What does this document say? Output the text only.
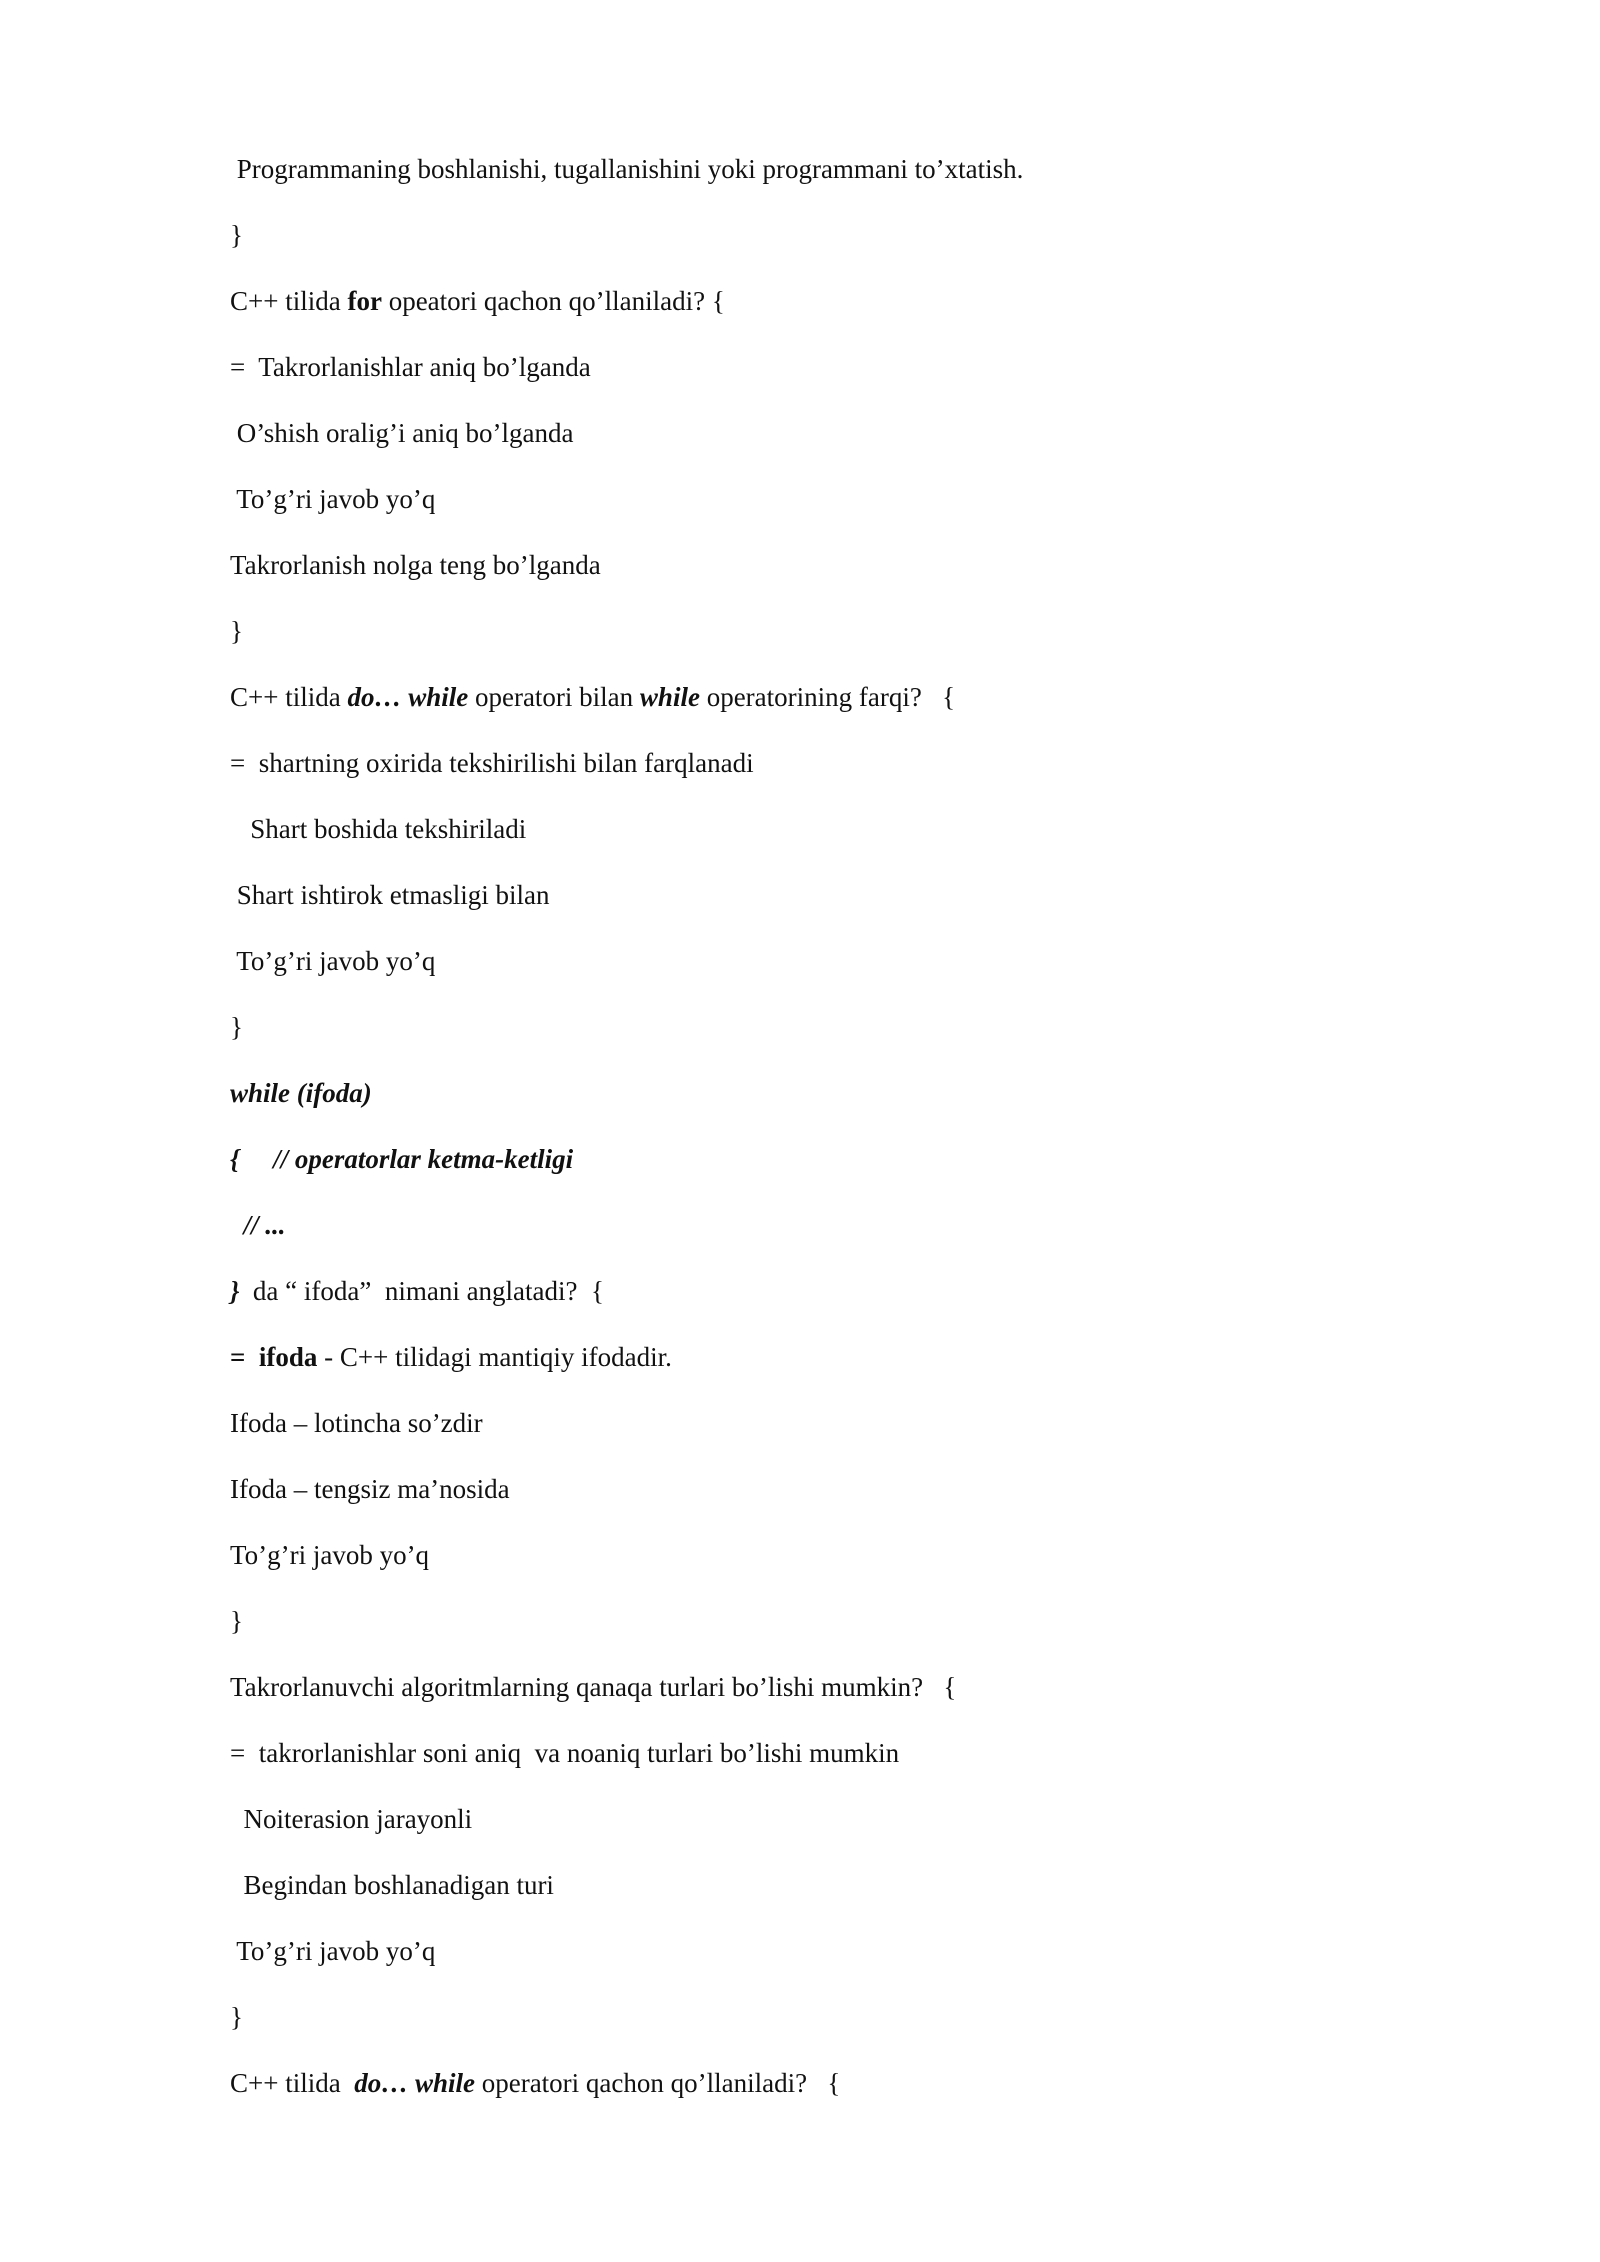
Programmaning boshlanishi, tugallanishini yoki programmani to’xtatish.
}
C++ tilida for opeatori qachon qo’llaniladi? {
=  Takrorlanishlar aniq bo’lganda
O’shish oralig’i aniq bo’lganda
To’g’ri javob yo’q
Takrorlanish nolga teng bo’lganda
}
C++ tilida do… while operatori bilan while operatorining farqi?   {
=  shartning oxirida tekshirilishi bilan farqlanadi
Shart boshida tekshiriladi
Shart ishtirok etmasligi bilan
To’g’ri javob yo’q
}
while (ifoda)
{     // operatorlar ketma-ketligi
// ...
}  da “ ifoda”  nimani anglatadi?  {
=  ifoda - C++ tilidagi mantiqiy ifodadir.
Ifoda – lotincha so’zdir
Ifoda – tengsiz ma’nosida
To’g’ri javob yo’q
}
Takrorlanuvchi algoritmlarning qanaqa turlari bo’lishi mumkin?   {
=  takrorlanishlar soni aniq  va noaniq turlari bo’lishi mumkin
Noiterasion jarayonli
Begindan boshlanadigan turi
To’g’ri javob yo’q
}
C++ tilida  do… while operatori qachon qo’llaniladi?   {
